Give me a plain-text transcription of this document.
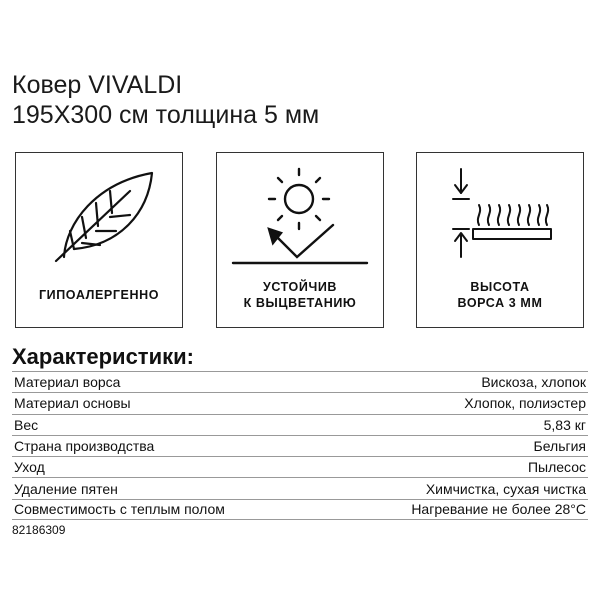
Ковер VIVALDI
195X300 см толщина 5 мм
ГИПОАЛЕРГЕННО
УСТОЙЧИВ
К ВЫЦВЕТАНИЮ
ВЫСОТА
ВОРСА 3 ММ
Характеристики:
Материал ворса	Вискоза, хлопок
Материал основы	Хлопок, полиэстер
Вес	5,83 кг
Страна производства	Бельгия
Уход	Пылесос
Удаление пятен	Химчистка, сухая чистка
Совместимость с теплым полом	Нагревание не более 28°C
82186309
